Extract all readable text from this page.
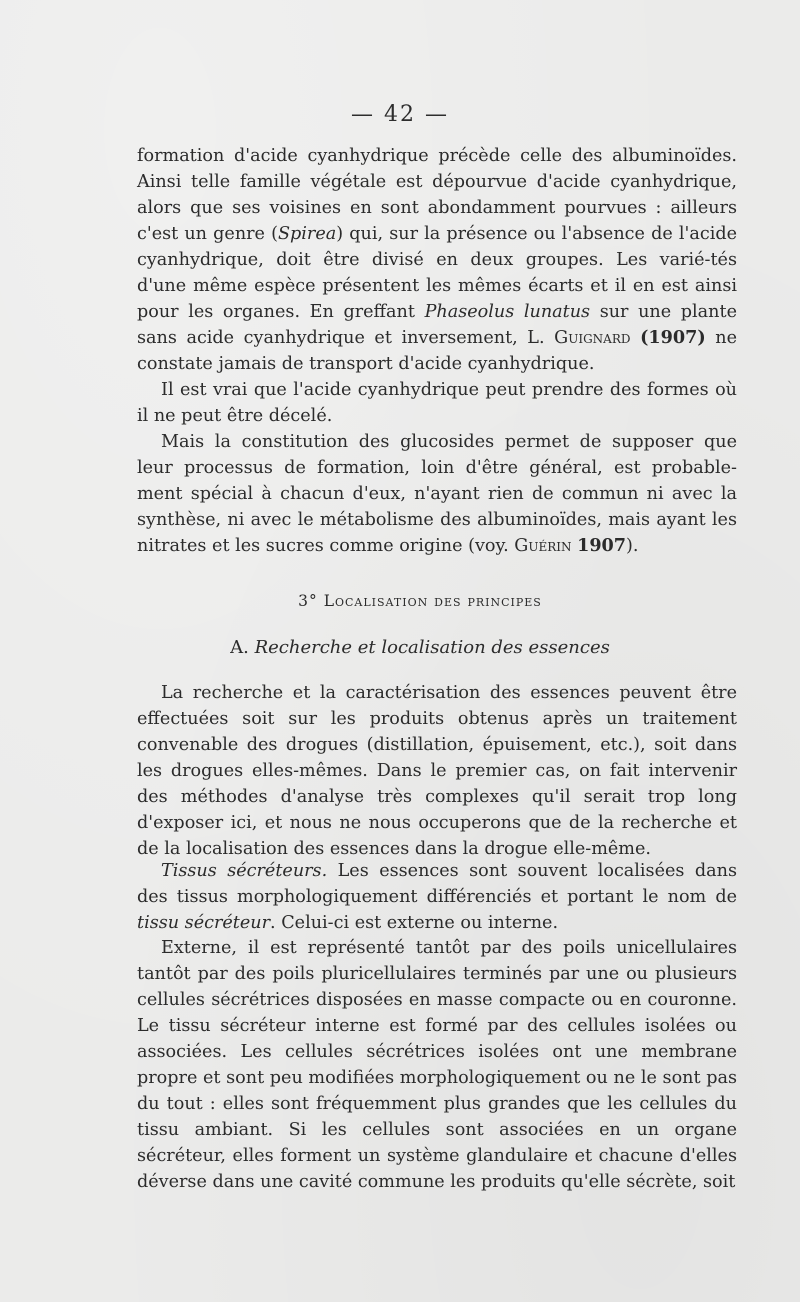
— 42 —

formation d'acide cyanhydrique précède celle des albuminoïdes. Ainsi telle famille végétale est dépourvue d'acide cyanhydrique, alors que ses voisines en sont abondamment pourvues : ailleurs c'est un genre (Spirea) qui, sur la présence ou l'absence de l'acide cyanhydrique, doit être divisé en deux groupes. Les varié-tés d'une même espèce présentent les mêmes écarts et il en est ainsi pour les organes. En greffant Phaseolus lunatus sur une plante sans acide cyanhydrique et inversement, L. Guignard (1907) ne constate jamais de transport d'acide cyanhydrique.

Il est vrai que l'acide cyanhydrique peut prendre des formes où il ne peut être décelé.

Mais la constitution des glucosides permet de supposer que leur processus de formation, loin d'être général, est probable-ment spécial à chacun d'eux, n'ayant rien de commun ni avec la synthèse, ni avec le métabolisme des albuminoïdes, mais ayant les nitrates et les sucres comme origine (voy. Guérin 1907).

3° Localisation des principes
A. Recherche et localisation des essences

La recherche et la caractérisation des essences peuvent être effectuées soit sur les produits obtenus après un traitement convenable des drogues (distillation, épuisement, etc.), soit dans les drogues elles-mêmes. Dans le premier cas, on fait intervenir des méthodes d'analyse très complexes qu'il serait trop long d'exposer ici, et nous ne nous occuperons que de la recherche et de la localisation des essences dans la drogue elle-même.

Tissus sécréteurs. Les essences sont souvent localisées dans des tissus morphologiquement différenciés et portant le nom de tissu sécréteur. Celui-ci est externe ou interne.

Externe, il est représenté tantôt par des poils unicellulaires tantôt par des poils pluricellulaires terminés par une ou plusieurs cellules sécrétrices disposées en masse compacte ou en couronne. Le tissu sécréteur interne est formé par des cellules isolées ou associées. Les cellules sécrétrices isolées ont une membrane propre et sont peu modifiées morphologiquement ou ne le sont pas du tout : elles sont fréquemment plus grandes que les cellules du tissu ambiant. Si les cellules sont associées en un organe sécréteur, elles forment un système glandulaire et chacune d'elles déverse dans une cavité commune les produits qu'elle sécrète, soit
